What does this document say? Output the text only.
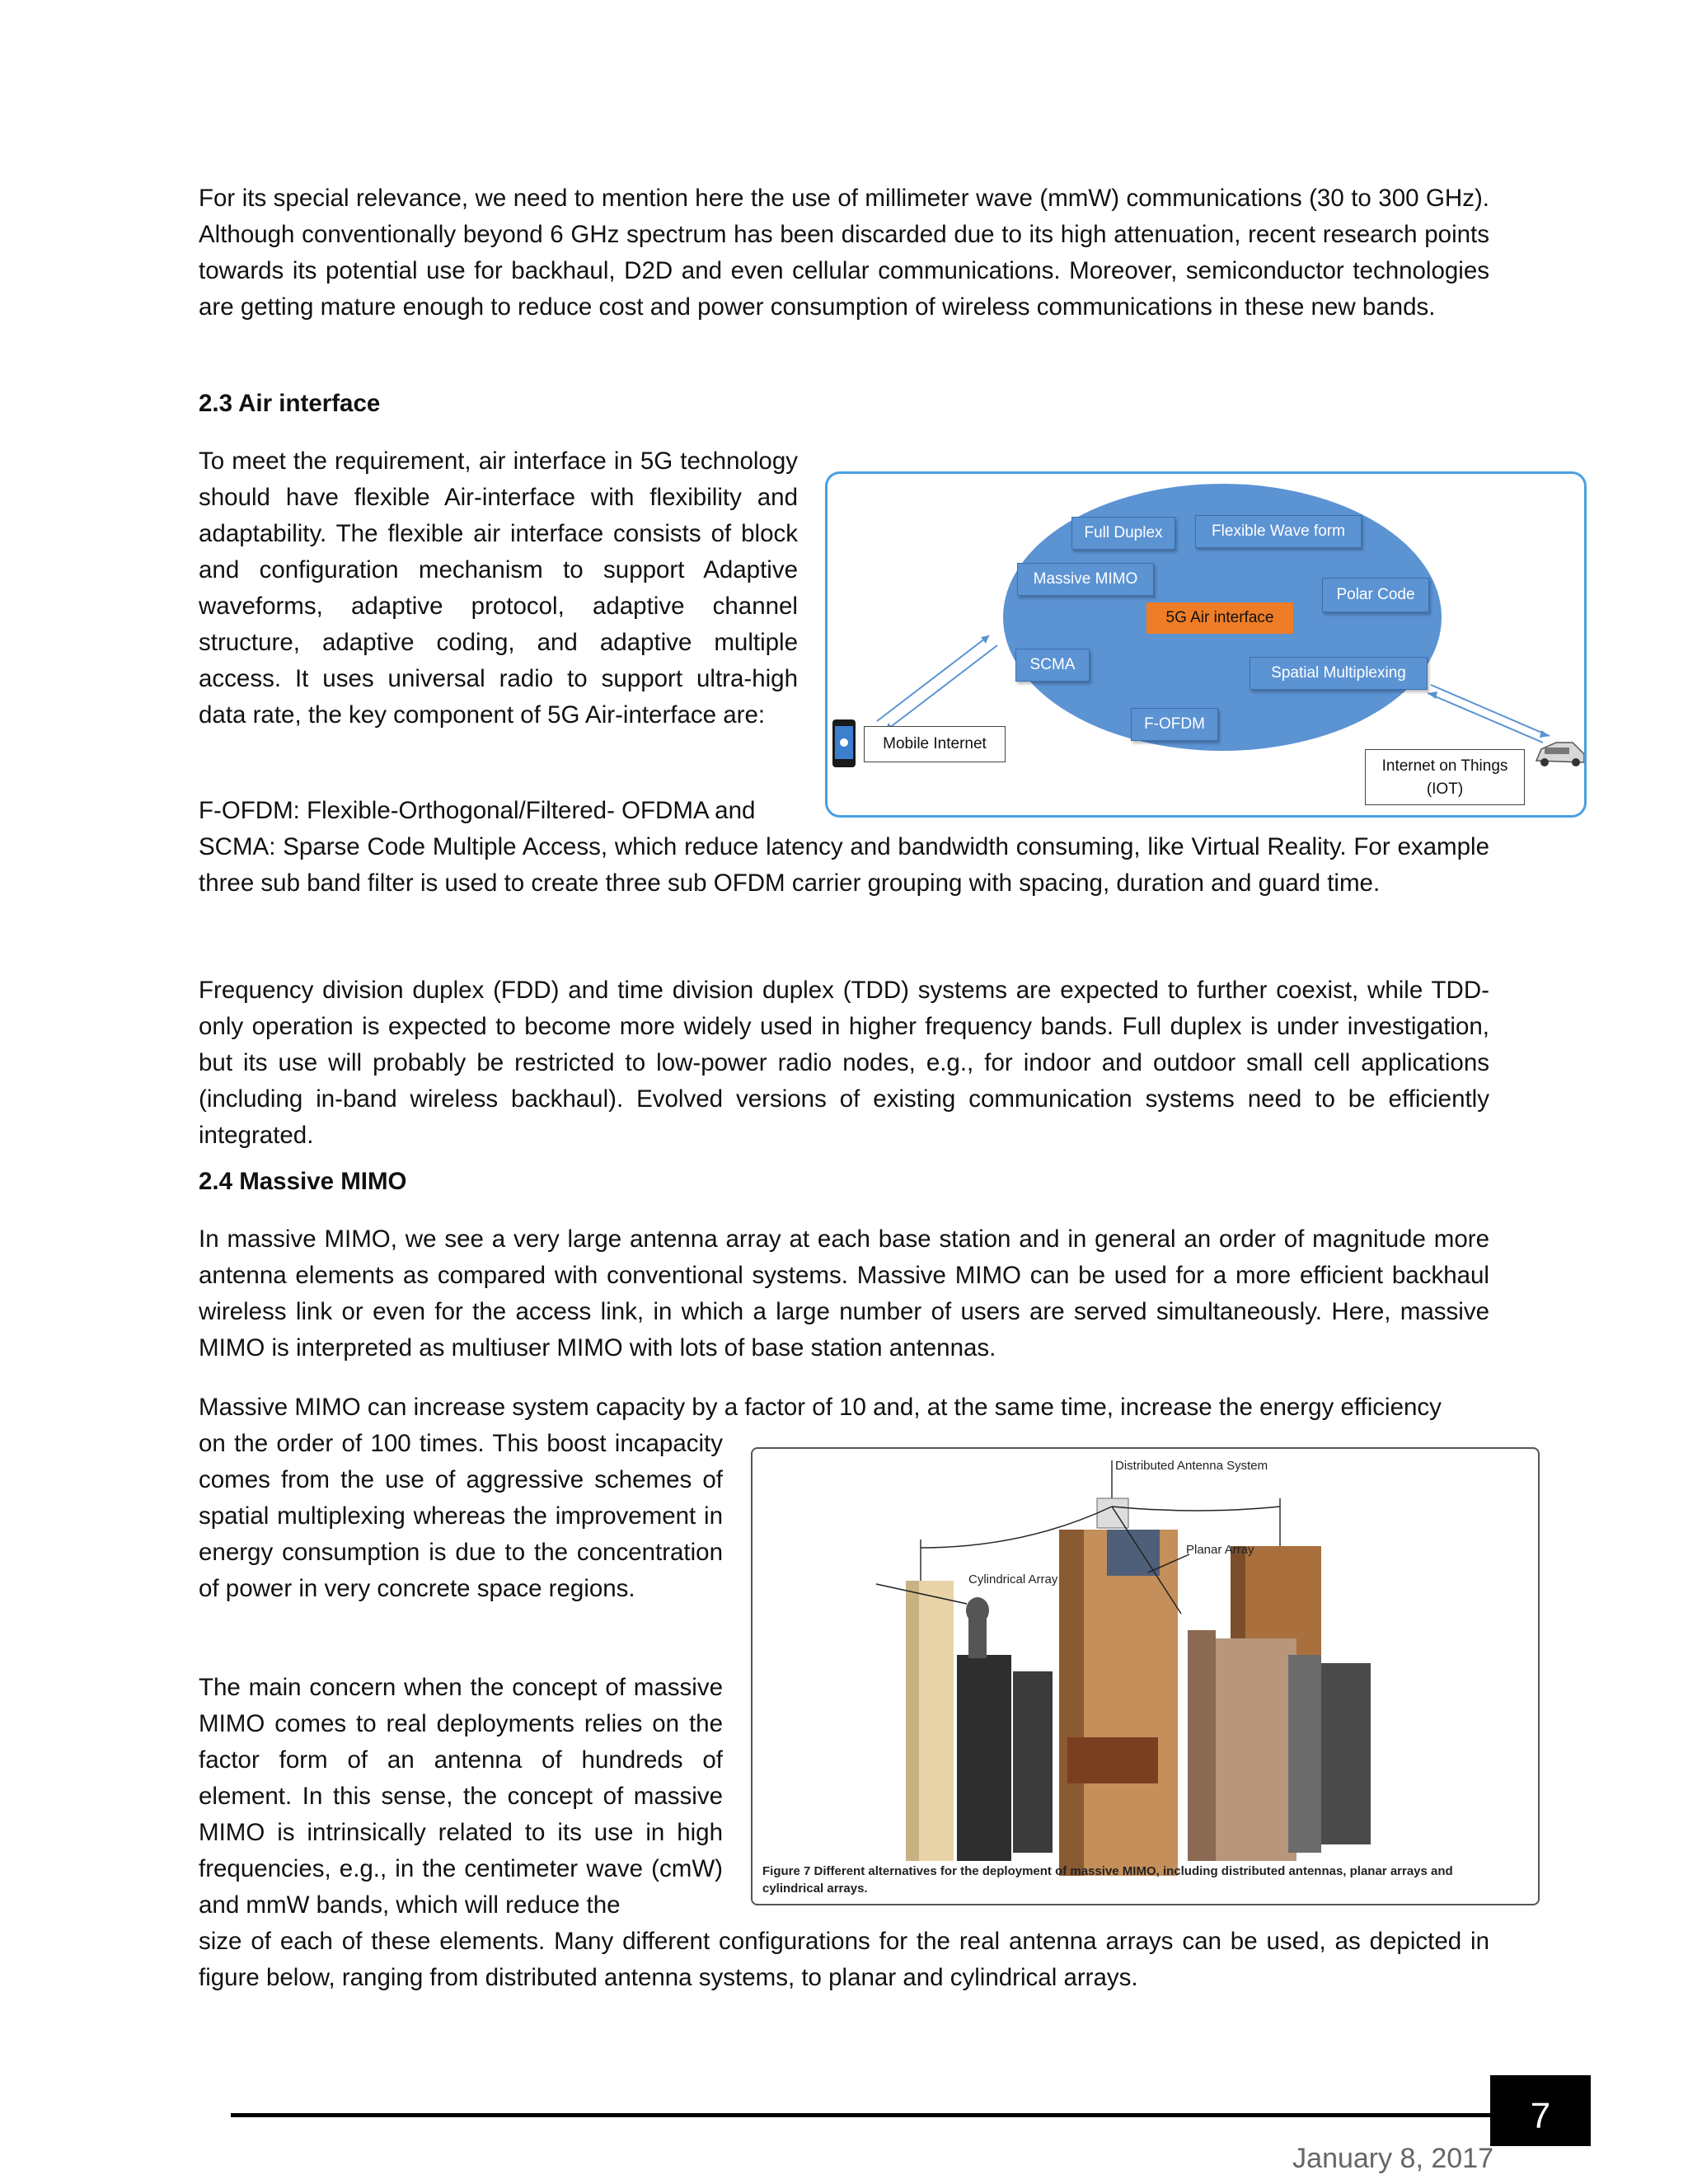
For its special relevance, we need to mention here the use of millimeter wave (mmW) communications (30 to 300 GHz). Although conventionally beyond 6 GHz spectrum has been discarded due to its high attenuation, recent research points towards its potential use for backhaul, D2D and even cellular communications. Moreover, semiconductor technologies are getting mature enough to reduce cost and power consumption of wireless communications in these new bands.

2.3 Air interface

To meet the requirement, air interface in 5G technology should have flexible Air-interface with flexibility and adaptability. The flexible air interface consists of block and configuration mechanism to support Adaptive waveforms, adaptive protocol, adaptive channel structure, adaptive coding, and adaptive multiple access. It uses universal radio to support ultra-high data rate, the key component of 5G Air-interface are:

F-OFDM: Flexible-Orthogonal/Filtered- OFDMA and

SCMA: Sparse Code Multiple Access, which reduce latency and bandwidth consuming, like Virtual Reality. For example three sub band filter is used to create three sub OFDM carrier grouping with spacing, duration and guard time.

Full Duplex	Flexible Wave form
Massive MIMO
Polar Code
5G Air interface
SCMA	Spatial Multiplexing
F-OFDM
Mobile Internet
Internet on Things
(IOT)

Frequency division duplex (FDD) and time division duplex (TDD) systems are expected to further coexist, while TDD-only operation is expected to become more widely used in higher frequency bands. Full duplex is under investigation, but its use will probably be restricted to low-power radio nodes, e.g., for indoor and outdoor small cell applications (including in-band wireless backhaul). Evolved versions of existing communication systems need to be efficiently integrated.

2.4 Massive MIMO

In massive MIMO, we see a very large antenna array at each base station and in general an order of magnitude more antenna elements as compared with conventional systems. Massive MIMO can be used for a more efficient backhaul wireless link or even for the access link, in which a large number of users are served simultaneously. Here, massive MIMO is interpreted as multiuser MIMO with lots of base station antennas.

Massive MIMO can increase system capacity by a factor of 10 and, at the same time, increase the energy efficiency

on the order of 100 times. This boost incapacity comes from the use of aggressive schemes of spatial multiplexing whereas the improvement in energy consumption is due to the concentration of power in very concrete space regions.

The main concern when the concept of massive MIMO comes to real deployments relies on the factor form of an antenna of hundreds of element. In this sense, the concept of massive MIMO is intrinsically related to its use in high frequencies, e.g., in the centimeter wave (cmW) and mmW bands, which will reduce the

size of each of these elements. Many different configurations for the real antenna arrays can be used, as depicted in figure below, ranging from distributed antenna systems, to planar and cylindrical arrays.

Distributed Antenna System
Planar Array
Cylindrical Array
Figure 7 Different alternatives for the deployment of massive MIMO, including distributed antennas, planar arrays and cylindrical arrays.
7
January 8, 2017
